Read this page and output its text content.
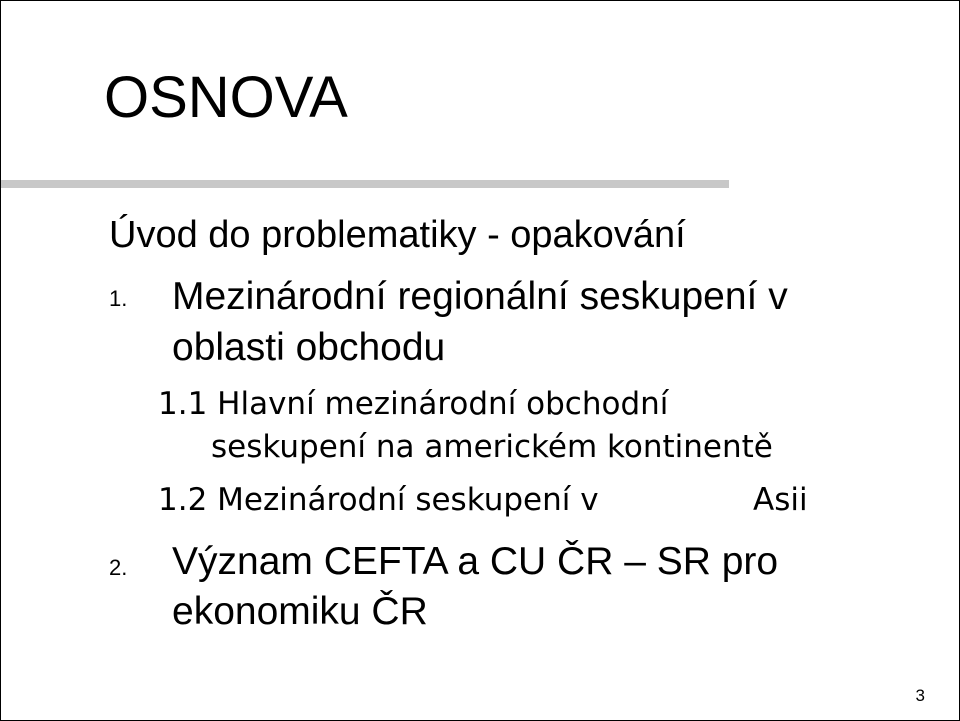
OSNOVA

Úvod do problematiky - opakování

1. Mezinárodní regionální seskupení v

oblasti obchodu

1.1 Hlavní mezinárodní obchodní

seskupení na americkém kontinentě

1.2 Mezinárodní seskupení v	Asii

2. Význam CEFTA a CU ČR – SR pro

ekonomiku ČR

3
